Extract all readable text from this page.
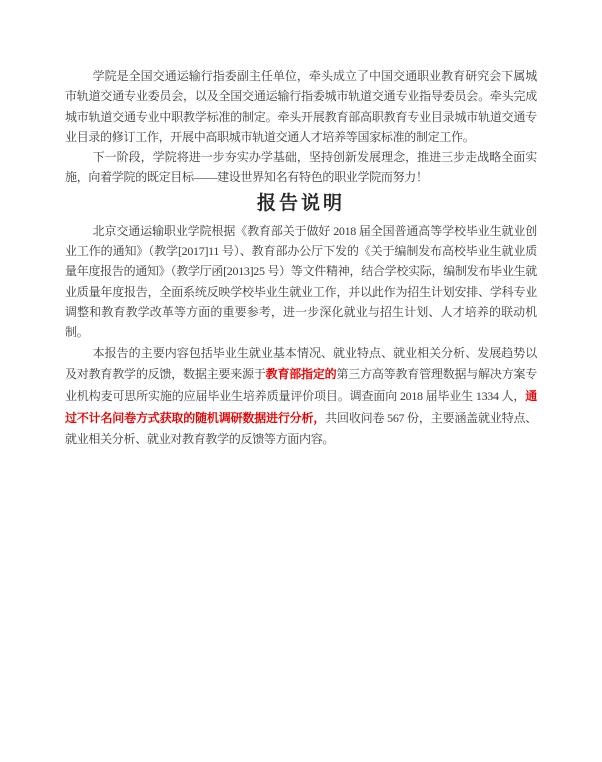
学院是全国交通运输行指委副主任单位，牵头成立了中国交通职业教育研究会下属城市轨道交通专业委员会，以及全国交通运输行指委城市轨道交通专业指导委员会。牵头完成城市轨道交通专业中职教学标准的制定。牵头开展教育部高职教育专业目录城市轨道交通专业目录的修订工作，开展中高职城市轨道交通人才培养等国家标准的制定工作。

下一阶段，学院将进一步夯实办学基础，坚持创新发展理念，推进三步走战略全面实施，向着学院的既定目标——建设世界知名有特色的职业学院而努力！

报告说明

北京交通运输职业学院根据《教育部关于做好 2018 届全国普通高等学校毕业生就业创业工作的通知》（教学[2017]11 号）、教育部办公厅下发的《关于编制发布高校毕业生就业质量年度报告的通知》（教学厅函[2013]25 号）等文件精神，结合学校实际，编制发布毕业生就业质量年度报告，全面系统反映学校毕业生就业工作，并以此作为招生计划安排、学科专业调整和教育教学改革等方面的重要参考，进一步深化就业与招生计划、人才培养的联动机制。

本报告的主要内容包括毕业生就业基本情况、就业特点、就业相关分析、发展趋势以及对教育教学的反馈，数据主要来源于教育部指定的第三方高等教育管理数据与解决方案专业机构麦可思所实施的应届毕业生培养质量评价项目。调查面向 2018 届毕业生 1334 人，通过不计名问卷方式获取的随机调研数据进行分析，共回收问卷 567 份，主要涵盖就业特点、就业相关分析、就业对教育教学的反馈等方面内容。
